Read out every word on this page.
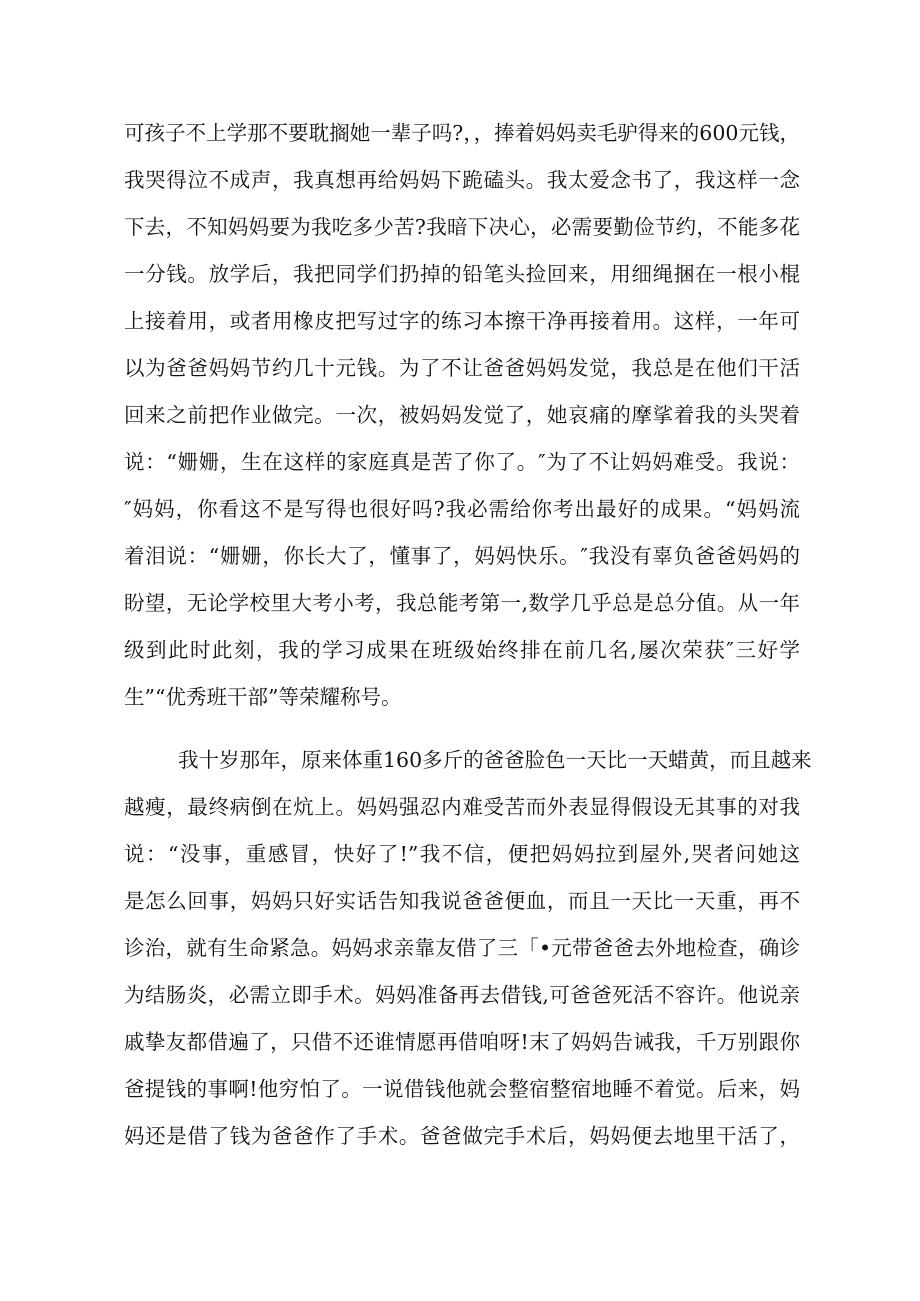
可孩子不上学那不要耽搁她一辈子吗?，，捧着妈妈卖毛驴得来的600元钱，
我哭得泣不成声，我真想再给妈妈下跪磕头。我太爱念书了，我这样一念
下去，不知妈妈要为我吃多少苦?我暗下决心，必需要勤俭节约，不能多花
一分钱。放学后，我把同学们扔掉的铅笔头捡回来，用细绳捆在一根小棍
上接着用，或者用橡皮把写过字的练习本擦干净再接着用。这样，一年可
以为爸爸妈妈节约几十元钱。为了不让爸爸妈妈发觉，我总是在他们干活
回来之前把作业做完。一次，被妈妈发觉了，她哀痛的摩挲着我的头哭着
说：“姗姗，生在这样的家庭真是苦了你了。″为了不让妈妈难受。我说：
″妈妈，你看这不是写得也很好吗?我必需给你考出最好的成果。“妈妈流
着泪说：“姗姗，你长大了，懂事了，妈妈快乐。″我没有辜负爸爸妈妈的
盼望，无论学校里大考小考，我总能考第一,数学几乎总是总分值。从一年
级到此时此刻，我的学习成果在班级始终排在前几名,屡次荣获″三好学
生”“优秀班干部”等荣耀称号。
我十岁那年，原来体重160多斤的爸爸脸色一天比一天蜡黄，而且越来
越瘦，最终病倒在炕上。妈妈强忍内难受苦而外表显得假设无其事的对我
说：“没事，重感冒，快好了!”我不信，便把妈妈拉到屋外,哭者问她这
是怎么回事，妈妈只好实话告知我说爸爸便血，而且一天比一天重，再不
诊治，就有生命紧急。妈妈求亲靠友借了三「•元带爸爸去外地检查，确诊
为结肠炎，必需立即手术。妈妈准备再去借钱,可爸爸死活不容许。他说亲
戚挚友都借遍了，只借不还谁情愿再借咱呀!末了妈妈告诫我，千万别跟你
爸提钱的事啊!他穷怕了。一说借钱他就会整宿整宿地睡不着觉。后来，妈
妈还是借了钱为爸爸作了手术。爸爸做完手术后，妈妈便去地里干活了，
